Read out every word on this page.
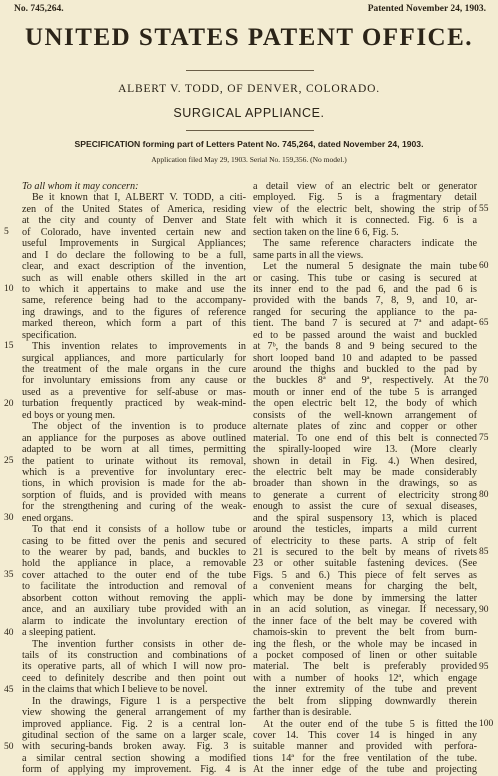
No. 745,264.	Patented November 24, 1903.
UNITED STATES PATENT OFFICE.
ALBERT V. TODD, OF DENVER, COLORADO.
SURGICAL APPLIANCE.
SPECIFICATION forming part of Letters Patent No. 745,264, dated November 24, 1903.
Application filed May 29, 1903. Serial No. 159,356. (No model.)
To all whom it may concern:
Be it known that I, ALBERT V. TODD, a citi-
zen of the United States of America, residing
at the city and county of Denver and State
of Colorado, have invented certain new and
useful Improvements in Surgical Appliances;
and I do declare the following to be a full,
clear, and exact description of the invention,
such as will enable others skilled in the art
to which it appertains to make and use the
same, reference being had to the accompany-
ing drawings, and to the figures of reference
marked thereon, which form a part of this
specification.
This invention relates to improvements in
surgical appliances, and more particularly for
the treatment of the male organs in the cure
for involuntary emissions from any cause or
used as a preventive for self-abuse or mas-
turbation frequently practiced by weak-mind-
ed boys or young men.
The object of the invention is to produce
an appliance for the purposes as above outlined
adapted to be worn at all times, permitting
the patient to urinate without its removal,
which is a preventive for involuntary erec-
tions, in which provision is made for the ab-
sorption of fluids, and is provided with means
for the strengthening and curing of the weak-
ened organs.
To that end it consists of a hollow tube or
casing to be fitted over the penis and secured
to the wearer by pad, bands, and buckles to
hold the appliance in place, a removable
cover attached to the outer end of the tube
to facilitate the introduction and removal of
absorbent cotton without removing the appli-
ance, and an auxiliary tube provided with an
alarm to indicate the involuntary erection of
a sleeping patient.
The invention further consists in other de-
tails of its construction and combinations of
its operative parts, all of which I will now pro-
ceed to definitely describe and then point out
in the claims that which I believe to be novel.
In the drawings, Figure 1 is a perspective
view showing the general arrangement of my
improved appliance. Fig. 2 is a central lon-
gitudinal section of the same on a larger scale,
with securing-bands broken away. Fig. 3 is
a similar central section showing a modified
form of applying my improvement. Fig. 4 is
a detail view of an electric belt or generator
employed. Fig. 5 is a fragmentary detail
view of the electric belt, showing the strip of
felt with which it is connected. Fig. 6 is a
section taken on the line 6 6, Fig. 5.
The same reference characters indicate the
same parts in all the views.
Let the numeral 5 designate the main tube
or casing. This tube or casing is secured at
its inner end to the pad 6, and the pad 6 is
provided with the bands 7, 8, 9, and 10, ar-
ranged for securing the appliance to the pa-
tient. The band 7 is secured at 7ª and adapt-
ed to be passed around the waist and buckled
at 7ᵇ, the bands 8 and 9 being secured to the
short looped band 10 and adapted to be passed
around the thighs and buckled to the pad by
the buckles 8ª and 9ª, respectively. At the
mouth or inner end of the tube 5 is arranged
the open electric belt 12, the body of which
consists of the well-known arrangement of
alternate plates of zinc and copper or other
material. To one end of this belt is connected
the spirally-looped wire 13. (More clearly
shown in detail in Fig. 4.) When desired,
the electric belt may be made considerably
broader than shown in the drawings, so as
to generate a current of electricity strong
enough to assist the cure of sexual diseases,
and the spiral suspensory 13, which is placed
around the testicles, imparts a mild current
of electricity to these parts. A strip of felt
21 is secured to the belt by means of rivets
23 or other suitable fastening devices. (See
Figs. 5 and 6.) This piece of felt serves as
a convenient means for charging the belt,
which may be done by immersing the latter
in an acid solution, as vinegar. If necessary,
the inner face of the belt may be covered with
chamois-skin to prevent the belt from burn-
ing the flesh, or the whole may be incased in
a pocket composed of linen or other suitable
material. The belt is preferably provided
with a number of hooks 12ª, which engage
the inner extremity of the tube and prevent
the belt from slipping downwardly therein
farther than is desirable.
At the outer end of the tube 5 is fitted the
cover 14. This cover 14 is hinged in any
suitable manner and provided with perfora-
tions 14ª for the free ventilation of the tube.
At the inner edge of the tube and projecting
5
10
15
20
25
30
35
40
45
50
55
60
65
70
75
80
85
90
95
100
